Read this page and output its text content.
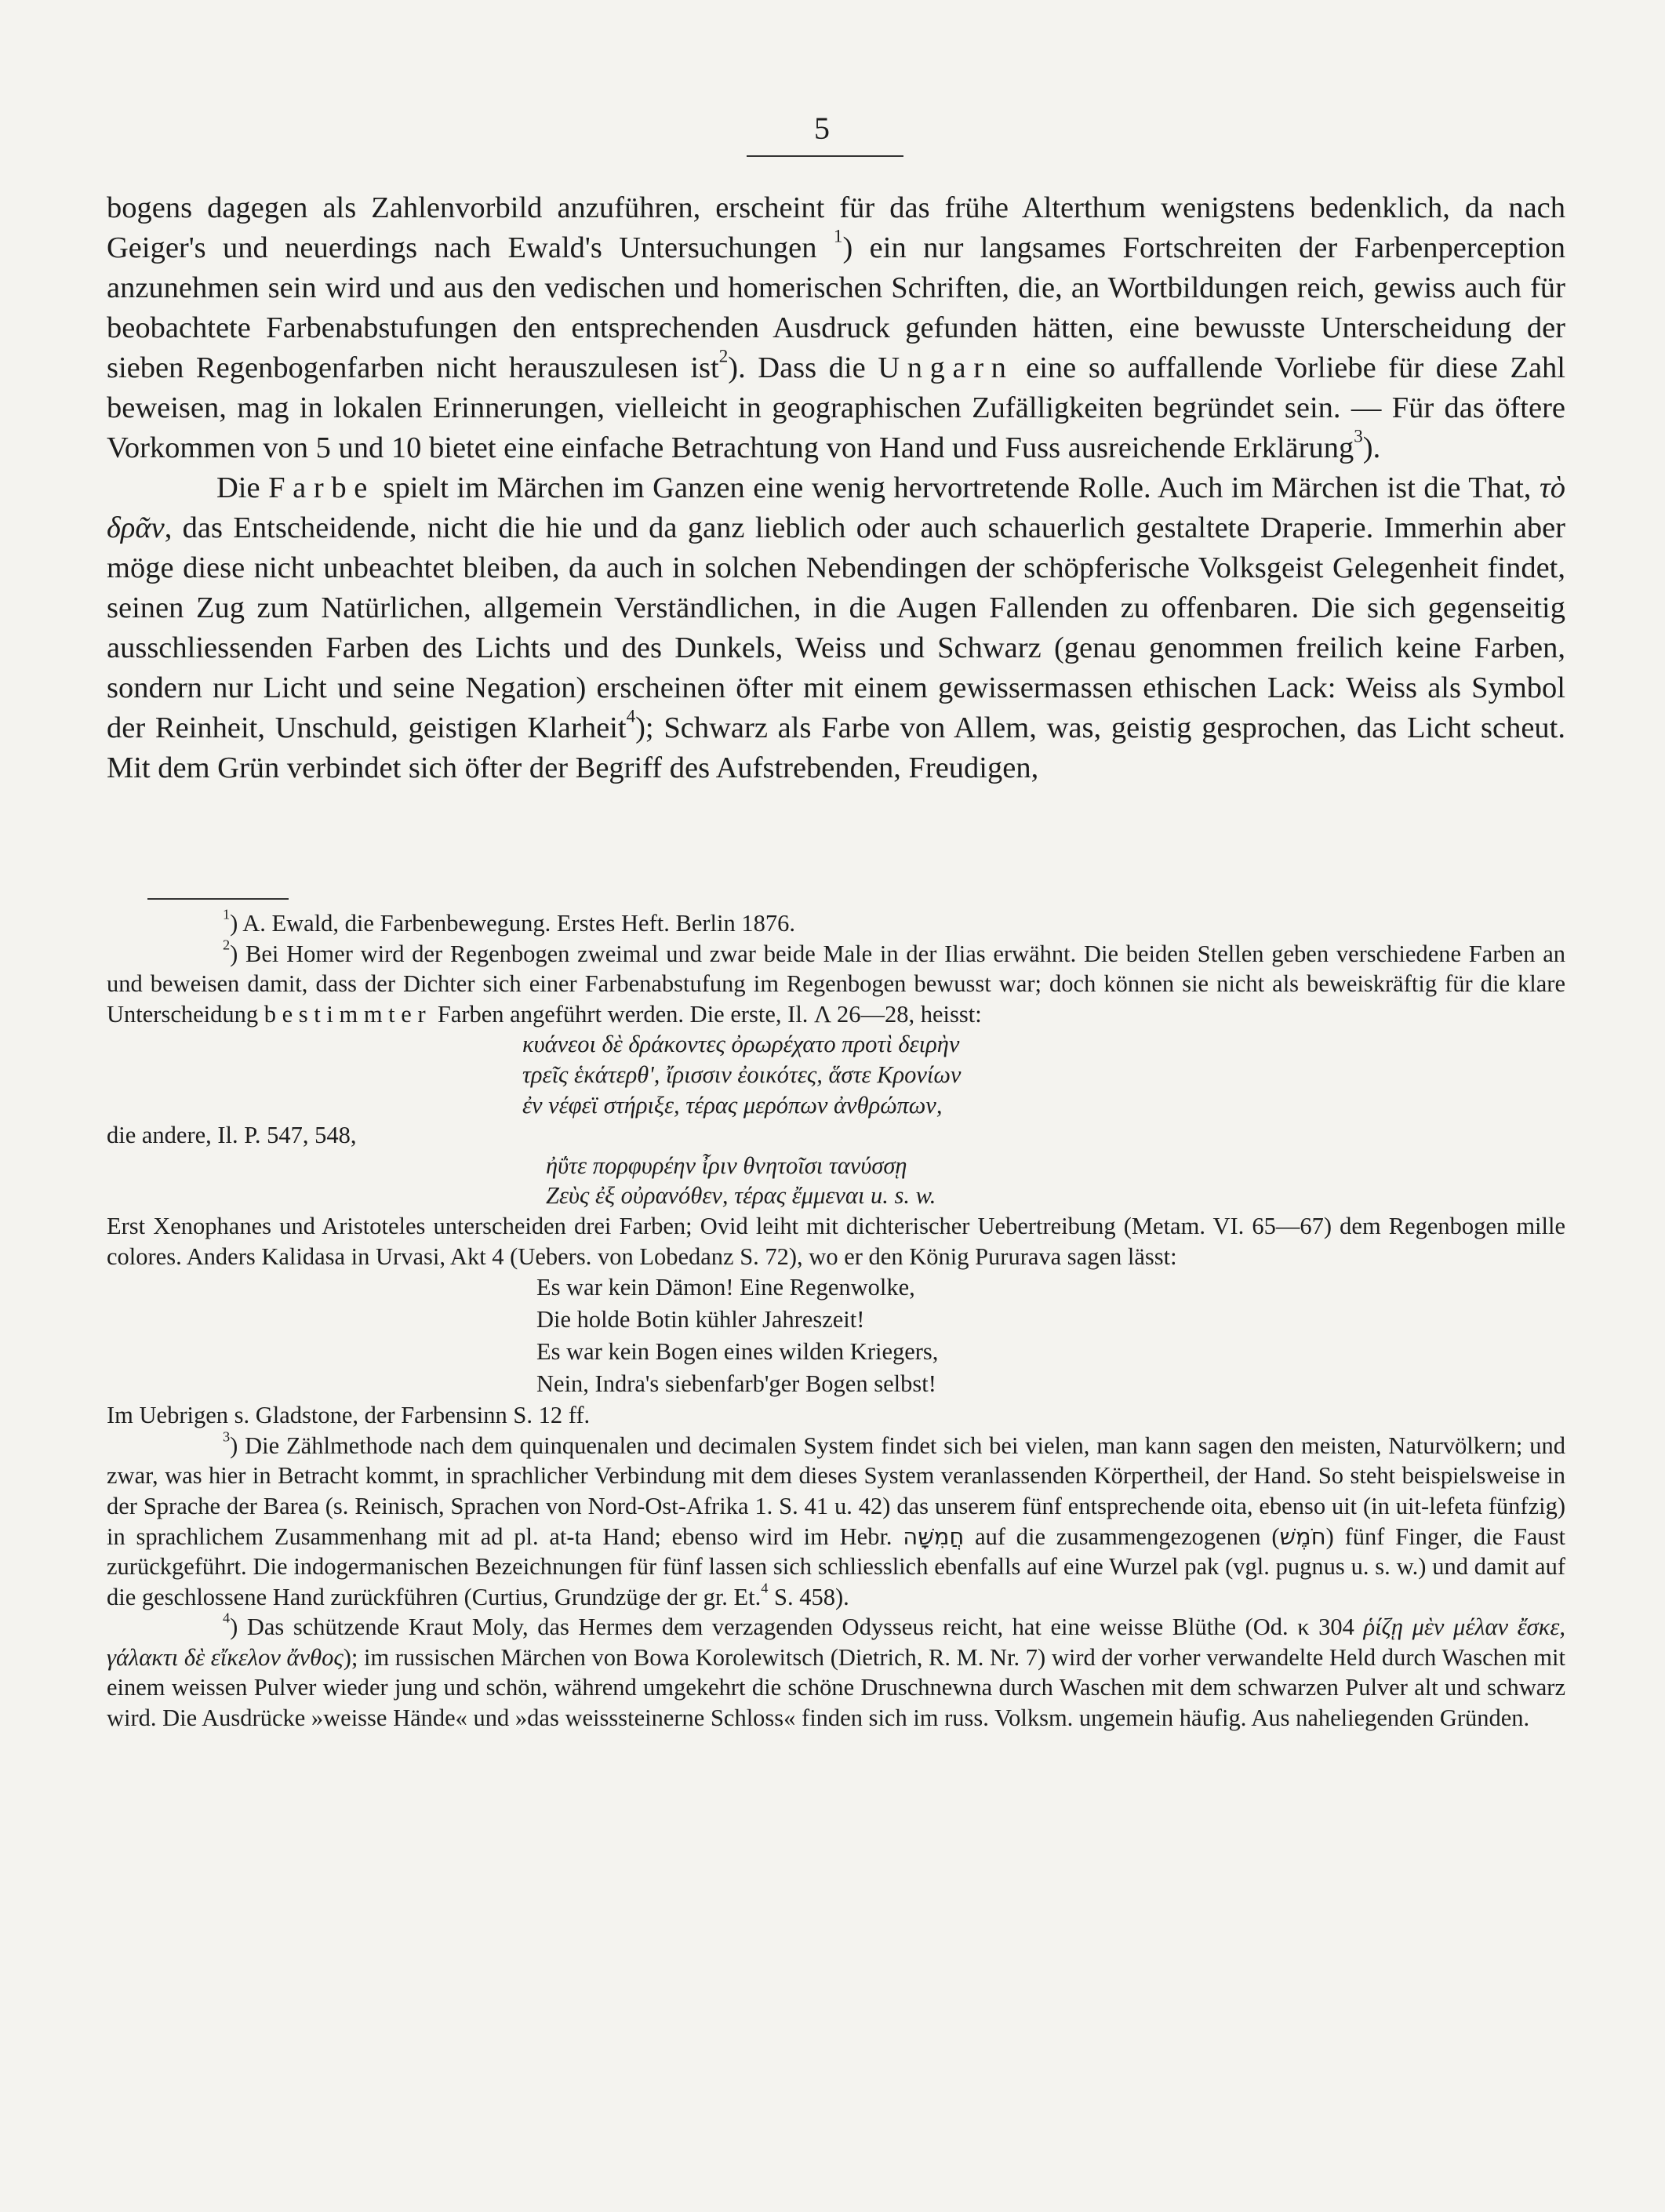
5

bogens dagegen als Zahlenvorbild anzuführen, erscheint für das frühe Alterthum wenigstens bedenklich, da nach Geiger's und neuerdings nach Ewald's Untersuchungen $^1$) ein nur langsames Fortschreiten der Farbenperception anzunehmen sein wird und aus den vedischen und homerischen Schriften, die, an Wortbildungen reich, gewiss auch für beobachtete Farbenabstufungen den entsprechenden Ausdruck gefunden hätten, eine bewusste Unterscheidung der sieben Regenbogenfarben nicht herauszulesen ist$^2$). Dass die Ungarn eine so auffallende Vorliebe für diese Zahl beweisen, mag in lokalen Erinnerungen, vielleicht in geographischen Zufälligkeiten begründet sein. — Für das öftere Vorkommen von 5 und 10 bietet eine einfache Betrachtung von Hand und Fuss ausreichende Erklärung$^3$).

Die Farbe spielt im Märchen im Ganzen eine wenig hervortretende Rolle. Auch im Märchen ist die That, τὸ δρᾶν, das Entscheidende, nicht die hie und da ganz lieblich oder auch schauerlich gestaltete Draperie. Immerhin aber möge diese nicht unbeachtet bleiben, da auch in solchen Nebendingen der schöpferische Volksgeist Gelegenheit findet, seinen Zug zum Natürlichen, allgemein Verständlichen, in die Augen Fallenden zu offenbaren. Die sich gegenseitig ausschliessenden Farben des Lichts und des Dunkels, Weiss und Schwarz (genau genommen freilich keine Farben, sondern nur Licht und seine Negation) erscheinen öfter mit einem gewissermassen ethischen Lack: Weiss als Symbol der Reinheit, Unschuld, geistigen Klarheit$^4$); Schwarz als Farbe von Allem, was, geistig gesprochen, das Licht scheut. Mit dem Grün verbindet sich öfter der Begriff des Aufstrebenden, Freudigen,

$^1$) A. Ewald, die Farbenbewegung. Erstes Heft. Berlin 1876.

$^2$) Bei Homer wird der Regenbogen zweimal und zwar beide Male in der Ilias erwähnt. Die beiden Stellen geben verschiedene Farben an und beweisen damit, dass der Dichter sich einer Farbenabstufung im Regenbogen bewusst war; doch können sie nicht als beweiskräftig für die klare Unterscheidung bestimmter Farben angeführt werden. Die erste, Il. Λ 26—28, heisst:

κυάνεοι δὲ δράκοντες ὀρωρέχατο προτὶ δειρὴν
τρεῖς ἑκάτερθ', ἴρισσιν ἐοικότες, ἅστε Κρονίων
ἐν νέφεϊ στήριξε, τέρας μερόπων ἀνθρώπων,
die andere, Il. P. 547, 548,
ἠΰτε πορφυρέην ἶριν θνητοῖσι τανύσσῃ
Ζεὺς ἐξ οὐρανόθεν, τέρας ἔμμεναι u. s. w.

Erst Xenophanes und Aristoteles unterscheiden drei Farben; Ovid leiht mit dichterischer Uebertreibung (Metam. VI. 65—67) dem Regenbogen mille colores. Anders Kalidasa in Urvasi, Akt 4 (Uebers. von Lobedanz S. 72), wo er den König Pururava sagen lässt:

Es war kein Dämon! Eine Regenwolke,
Die holde Botin kühler Jahreszeit!
Es war kein Bogen eines wilden Kriegers,
Nein, Indra's siebenfarb'ger Bogen selbst!

Im Uebrigen s. Gladstone, der Farbensinn S. 12 ff.

$^3$) Die Zählmethode nach dem quinquenalen und decimalen System findet sich bei vielen, man kann sagen den meisten, Naturvölkern; und zwar, was hier in Betracht kommt, in sprachlicher Verbindung mit dem dieses System veranlassenden Körpertheil, der Hand. So steht beispielsweise in der Sprache der Barea (s. Reinisch, Sprachen von Nord-Ost-Afrika 1. S. 41 u. 42) das unserem fünf entsprechende oita, ebenso uit (in uit-lefeta fünfzig) in sprachlichem Zusammenhang mit ad pl. at-ta Hand; ebenso wird im Hebr. חֲמִשָּׁה auf die zusammengezogenen (חֹמֶשׁ) fünf Finger, die Faust zurückgeführt. Die indogermanischen Bezeichnungen für fünf lassen sich schliesslich ebenfalls auf eine Wurzel pak (vgl. pugnus u. s. w.) und damit auf die geschlossene Hand zurückführen (Curtius, Grundzüge der gr. Et.$^4$ S. 458).

$^4$) Das schützende Kraut Moly, das Hermes dem verzagenden Odysseus reicht, hat eine weisse Blüthe (Od. κ 304 ῥίζῃ μὲν μέλαν ἔσκε, γάλακτι δὲ εἴκελον ἄνθος); im russischen Märchen von Bowa Korolewitsch (Dietrich, R. M. Nr. 7) wird der vorher verwandelte Held durch Waschen mit einem weissen Pulver wieder jung und schön, während umgekehrt die schöne Druschnewna durch Waschen mit dem schwarzen Pulver alt und schwarz wird. Die Ausdrücke »weisse Hände« und »das weisssteinerne Schloss« finden sich im russ. Volksm. ungemein häufig. Aus naheliegenden Gründen.
